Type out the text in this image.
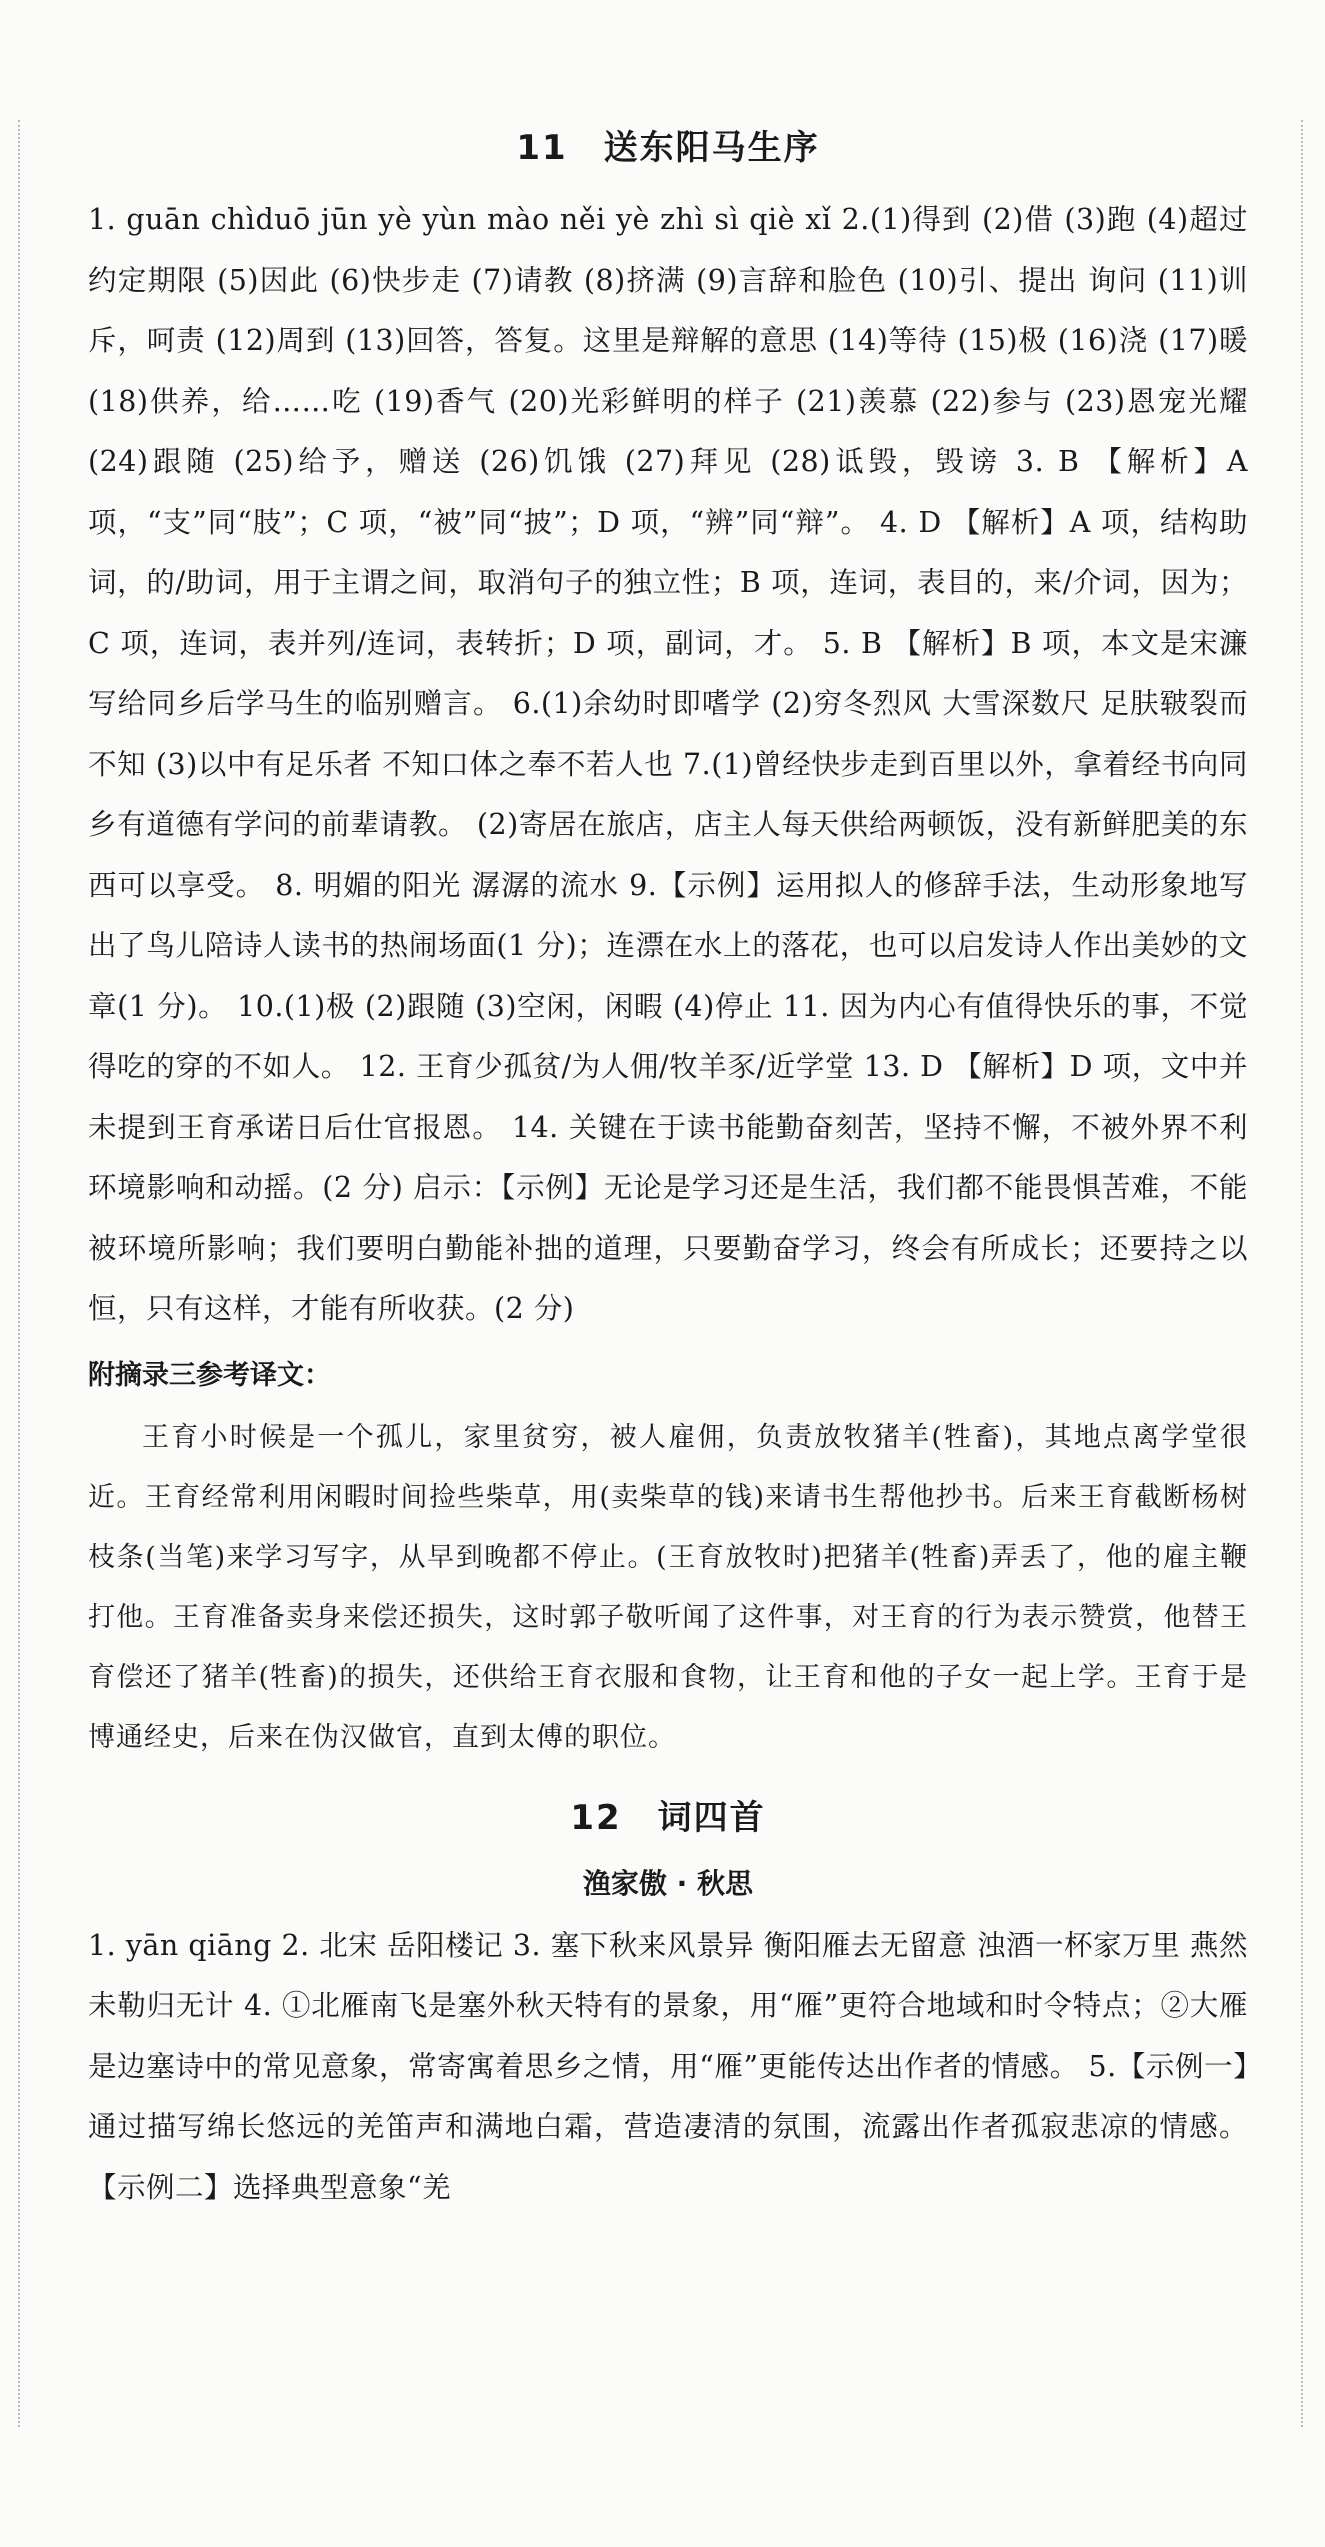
11 送东阳马生序

1. guān chìduō jūn yè yùn mào něi yè zhì sì qiè xǐ 2.(1)得到 (2)借 (3)跑 (4)超过约定期限 (5)因此 (6)快步走 (7)请教 (8)挤满 (9)言辞和脸色 (10)引、提出 询问 (11)训斥，呵责 (12)周到 (13)回答，答复。这里是辩解的意思 (14)等待 (15)极 (16)浇 (17)暖 (18)供养，给……吃 (19)香气 (20)光彩鲜明的样子 (21)羡慕 (22)参与 (23)恩宠光耀 (24)跟随 (25)给予，赠送 (26)饥饿 (27)拜见 (28)诋毁，毁谤 3. B 【解析】A 项，“支”同“肢”；C 项，“被”同“披”；D 项，“辨”同“辩”。 4. D 【解析】A 项，结构助词，的/助词，用于主谓之间，取消句子的独立性；B 项，连词，表目的，来/介词，因为；C 项，连词，表并列/连词，表转折；D 项，副词，才。 5. B 【解析】B 项，本文是宋濂写给同乡后学马生的临别赠言。 6.(1)余幼时即嗜学 (2)穷冬烈风 大雪深数尺 足肤皲裂而不知 (3)以中有足乐者 不知口体之奉不若人也 7.(1)曾经快步走到百里以外，拿着经书向同乡有道德有学问的前辈请教。 (2)寄居在旅店，店主人每天供给两顿饭，没有新鲜肥美的东西可以享受。 8. 明媚的阳光 潺潺的流水 9.【示例】运用拟人的修辞手法，生动形象地写出了鸟儿陪诗人读书的热闹场面(1 分)；连漂在水上的落花，也可以启发诗人作出美妙的文章(1 分)。 10.(1)极 (2)跟随 (3)空闲，闲暇 (4)停止 11. 因为内心有值得快乐的事，不觉得吃的穿的不如人。 12. 王育少孤贫/为人佣/牧羊豕/近学堂 13. D 【解析】D 项，文中并未提到王育承诺日后仕官报恩。 14. 关键在于读书能勤奋刻苦，坚持不懈，不被外界不利环境影响和动摇。(2 分) 启示：【示例】无论是学习还是生活，我们都不能畏惧苦难，不能被环境所影响；我们要明白勤能补拙的道理，只要勤奋学习，终会有所成长；还要持之以恒，只有这样，才能有所收获。(2 分)

附摘录三参考译文：

王育小时候是一个孤儿，家里贫穷，被人雇佣，负责放牧猪羊(牲畜)，其地点离学堂很近。王育经常利用闲暇时间捡些柴草，用(卖柴草的钱)来请书生帮他抄书。后来王育截断杨树枝条(当笔)来学习写字，从早到晚都不停止。(王育放牧时)把猪羊(牲畜)弄丢了，他的雇主鞭打他。王育准备卖身来偿还损失，这时郭子敬听闻了这件事，对王育的行为表示赞赏，他替王育偿还了猪羊(牲畜)的损失，还供给王育衣服和食物，让王育和他的子女一起上学。王育于是博通经史，后来在伪汉做官，直到太傅的职位。

12 词四首
渔家傲 · 秋思

1. yān qiāng 2. 北宋 岳阳楼记 3. 塞下秋来风景异 衡阳雁去无留意 浊酒一杯家万里 燕然未勒归无计 4. ①北雁南飞是塞外秋天特有的景象，用“雁”更符合地域和时令特点；②大雁是边塞诗中的常见意象，常寄寓着思乡之情，用“雁”更能传达出作者的情感。 5.【示例一】通过描写绵长悠远的羌笛声和满地白霜，营造凄清的氛围，流露出作者孤寂悲凉的情感。【示例二】选择典型意象“羌
